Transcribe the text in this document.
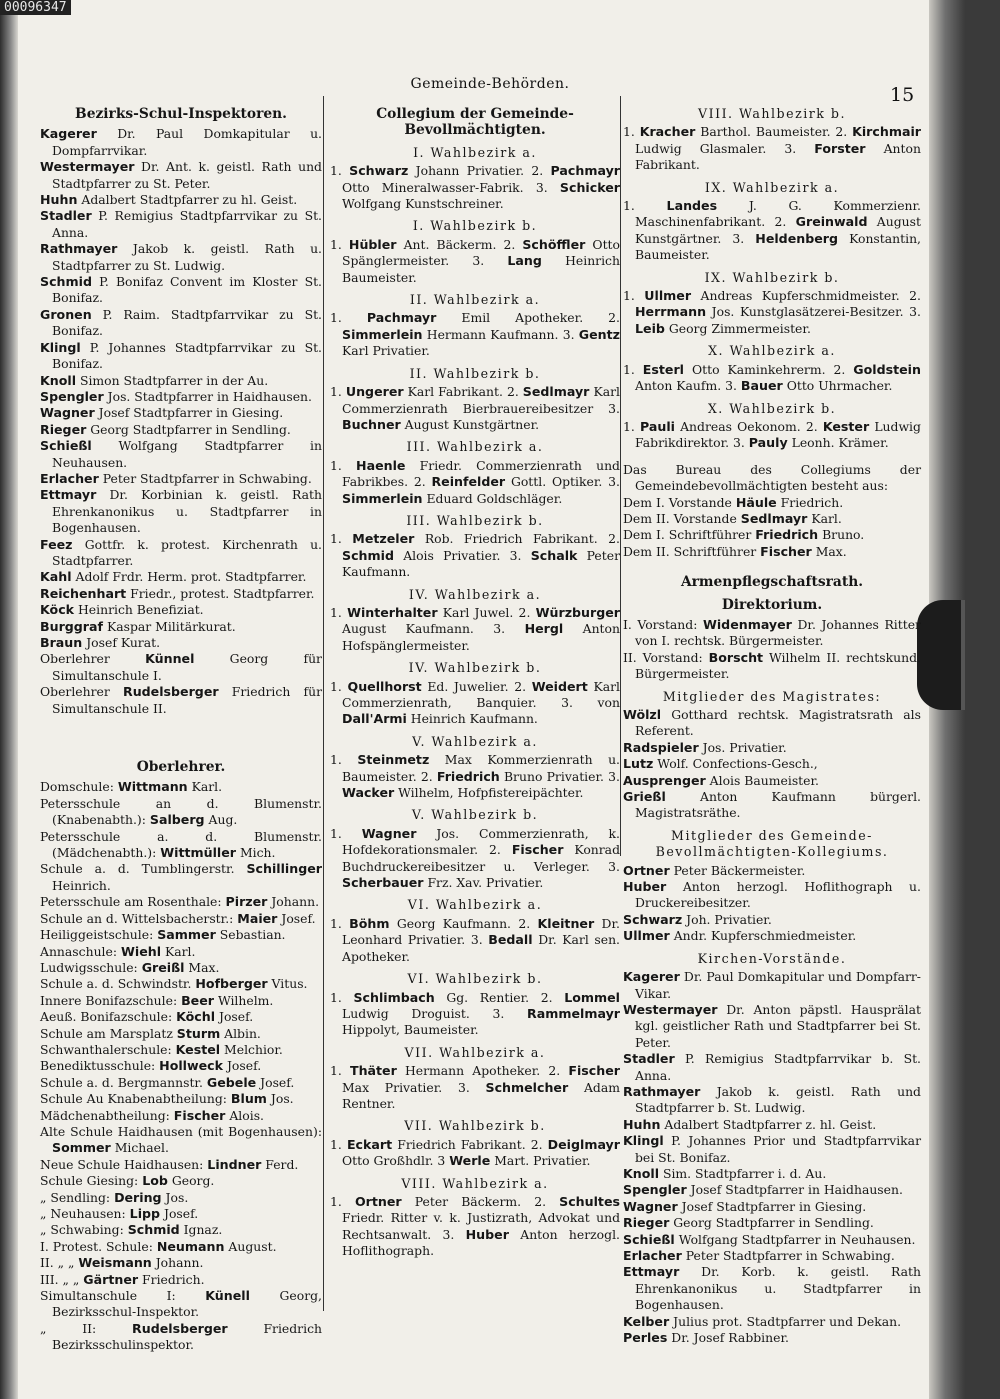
00096347
Gemeinde-Behörden.	15
Bezirks-Schul-Inspektoren.

Kagerer Dr. Paul Domkapitular u. Dompfarrvikar.

Westermayer Dr. Ant. k. geistl. Rath und Stadtpfarrer zu St. Peter.

Huhn Adalbert Stadtpfarrer zu hl. Geist.

Stadler P. Remigius Stadtpfarrvikar zu St. Anna.

Rathmayer Jakob k. geistl. Rath u. Stadtpfarrer zu St. Ludwig.

Schmid P. Bonifaz Convent im Kloster St. Bonifaz.

Gronen P. Raim. Stadtpfarrvikar zu St. Bonifaz.

Klingl P. Johannes Stadtpfarrvikar zu St. Bonifaz.

Knoll Simon Stadtpfarrer in der Au.

Spengler Jos. Stadtpfarrer in Haidhausen.

Wagner Josef Stadtpfarrer in Giesing.

Rieger Georg Stadtpfarrer in Sendling.

Schießl Wolfgang Stadtpfarrer in Neuhausen.

Erlacher Peter Stadtpfarrer in Schwabing.

Ettmayr Dr. Korbinian k. geistl. Rath Ehrenkanonikus u. Stadtpfarrer in Bogenhausen.

Feez Gottfr. k. protest. Kirchenrath u. Stadtpfarrer.

Kahl Adolf Frdr. Herm. prot. Stadtpfarrer.

Reichenhart Friedr., protest. Stadtpfarrer.

Köck Heinrich Benefiziat.

Burggraf Kaspar Militärkurat.

Braun Josef Kurat.

Oberlehrer	Künnel	Georg für Simultanschule I.

Oberlehrer Rudelsberger Friedrich für Simultanschule II.

Oberlehrer.

Domschule: Wittmann Karl.

Petersschule an d. Blumenstr. (Knabenabth.): Salberg Aug.

Petersschule a. d. Blumenstr. (Mädchenabth.): Wittmüller Mich.

Schule a. d. Tumblingerstr. Schillinger Heinrich.

Petersschule am Rosenthale: Pirzer Johann.

Schule an d. Wittelsbacherstr.: Maier Josef.

Heiliggeistschule: Sammer Sebastian.

Annaschule: Wiehl Karl.

Ludwigsschule: Greißl Max.

Schule a. d. Schwindstr. Hofberger Vitus.

Innere Bonifazschule: Beer Wilhelm.

Aeuß. Bonifazschule: Köchl Josef.

Schule am Marsplatz Sturm Albin.

Schwanthalerschule: Kestel Melchior.

Benediktusschule: Hollweck Josef.

Schule a. d. Bergmannstr. Gebele Josef.

Schule Au Knabenabtheilung: Blum Jos.

Mädchenabtheilung: Fischer Alois.

Alte Schule Haidhausen (mit Bogenhausen): Sommer Michael.

Neue Schule Haidhausen: Lindner Ferd.

Schule Giesing: Lob Georg.

„ Sendling: Dering Jos.

„ Neuhausen: Lipp Josef.

„ Schwabing: Schmid Ignaz.

I. Protest. Schule: Neumann August.

II. „ „ Weismann Johann.

III. „ „ Gärtner Friedrich.

Simultanschule I: Künell Georg, Bezirksschul-Inspektor.

„ II:	Rudelsberger	Friedrich Bezirksschulinspektor.

Collegium der Gemeinde-Bevollmächtigten.
I. Wahlbezirk a.

1. Schwarz Johann Privatier. 2. Pachmayr Otto Mineralwasser-Fabrik. 3. Schicker Wolfgang Kunstschreiner.

I. Wahlbezirk b.

1. Hübler Ant. Bäckerm. 2. Schöffler Otto Spänglermeister. 3. Lang Heinrich Baumeister.

II. Wahlbezirk a.

1. Pachmayr Emil Apotheker. 2. Simmerlein Hermann Kaufmann. 3. Gentz Karl Privatier.

II. Wahlbezirk b.

1. Ungerer Karl Fabrikant. 2. Sedlmayr Karl Commerzienrath Bierbrauereibesitzer 3. Buchner August Kunstgärtner.

III. Wahlbezirk a.

1. Haenle Friedr. Commerzienrath und Fabrikbes. 2. Reinfelder Gottl. Optiker. 3. Simmerlein Eduard Goldschläger.

III. Wahlbezirk b.

1. Metzeler Rob. Friedrich Fabrikant. 2. Schmid Alois Privatier. 3. Schalk Peter Kaufmann.

IV. Wahlbezirk a.

1. Winterhalter Karl Juwel. 2. Würzburger August Kaufmann. 3. Hergl Anton Hofspänglermeister.

IV. Wahlbezirk b.

1. Quellhorst Ed. Juwelier. 2. Weidert Karl Commerzienrath, Banquier. 3. von Dall'Armi Heinrich Kaufmann.

V. Wahlbezirk a.

1. Steinmetz Max Kommerzienrath u. Baumeister. 2. Friedrich Bruno Privatier. 3. Wacker Wilhelm, Hofpfistereipächter.

V. Wahlbezirk b.

1. Wagner Jos. Commerzienrath, k. Hofdekorationsmaler. 2. Fischer Konrad Buchdruckereibesitzer u. Verleger. 3. Scherbauer Frz. Xav. Privatier.

VI. Wahlbezirk a.

1. Böhm Georg Kaufmann. 2. Kleitner Dr. Leonhard Privatier. 3. Bedall Dr. Karl sen. Apotheker.

VI. Wahlbezirk b.

1. Schlimbach Gg. Rentier. 2. Lommel Ludwig Droguist. 3. Rammelmayr Hippolyt, Baumeister.

VII. Wahlbezirk a.

1. Thäter Hermann Apotheker. 2. Fischer Max Privatier. 3. Schmelcher Adam Rentner.

VII. Wahlbezirk b.

1. Eckart Friedrich Fabrikant. 2. Deiglmayr Otto Großhdlr. 3 Werle Mart. Privatier.

VIII. Wahlbezirk a.

1. Ortner Peter Bäckerm. 2. Schultes Friedr. Ritter v. k. Justizrath, Advokat und Rechtsanwalt. 3. Huber Anton herzogl. Hoflithograph.

VIII. Wahlbezirk b.

1. Kracher Barthol. Baumeister. 2. Kirchmair Ludwig Glasmaler. 3. Forster Anton Fabrikant.

IX. Wahlbezirk a.

1.	Landes	J. G. Kommerzienr. Maschinenfabrikant. 2. Greinwald August Kunstgärtner. 3. Heldenberg Konstantin, Baumeister.

IX. Wahlbezirk b.

1. Ullmer Andreas Kupferschmidmeister. 2. Herrmann Jos. Kunstglasätzerei-Besitzer. 3. Leib Georg Zimmermeister.

X. Wahlbezirk a.

1. Esterl Otto Kaminkehrerm. 2. Goldstein Anton Kaufm. 3. Bauer Otto Uhrmacher.

X. Wahlbezirk b.

1. Pauli Andreas Oekonom. 2. Kester Ludwig Fabrikdirektor. 3. Pauly Leonh. Krämer.

Das Bureau des Collegiums der Gemeindebevollmächtigten besteht aus:

Dem I. Vorstande Häule Friedrich.

Dem II. Vorstande Sedlmayr Karl.

Dem I. Schriftführer Friedrich Bruno.

Dem II. Schriftführer Fischer Max.

Armenpflegschaftsrath.
Direktorium.

I. Vorstand: Widenmayer Dr. Johannes Ritter von I. rechtsk. Bürgermeister.

II. Vorstand: Borscht Wilhelm II. rechtskund. Bürgermeister.

Mitglieder des Magistrates:

Wölzl Gotthard rechtsk. Magistratsrath als Referent.

Radspieler Jos. Privatier.

Lutz Wolf. Confections-Gesch.,

Ausprenger Alois Baumeister.

Grießl	Anton Kaufmann bürgerl. Magistratsräthe.

Mitglieder des Gemeinde-Bevollmächtigten-Kollegiums.

Ortner Peter Bäckermeister.

Huber Anton herzogl. Hoflithograph u. Druckereibesitzer.

Schwarz Joh. Privatier.

Ullmer Andr. Kupferschmiedmeister.

Kirchen-Vorstände.

Kagerer Dr. Paul Domkapitular und Dompfarr-Vikar.

Westermayer Dr. Anton päpstl. Hausprälat kgl. geistlicher Rath und Stadtpfarrer bei St. Peter.

Stadler P. Remigius Stadtpfarrvikar b. St. Anna.

Rathmayer Jakob k. geistl. Rath und Stadtpfarrer b. St. Ludwig.

Huhn Adalbert Stadtpfarrer z. hl. Geist.

Klingl P. Johannes Prior und Stadtpfarrvikar bei St. Bonifaz.

Knoll Sim. Stadtpfarrer i. d. Au.

Spengler Josef Stadtpfarrer in Haidhausen.

Wagner Josef Stadtpfarrer in Giesing.

Rieger Georg Stadtpfarrer in Sendling.

Schießl Wolfgang Stadtpfarrer in Neuhausen.

Erlacher Peter Stadtpfarrer in Schwabing.

Ettmayr Dr. Korb. k. geistl. Rath Ehrenkanonikus u. Stadtpfarrer in Bogenhausen.

Kelber Julius prot. Stadtpfarrer und Dekan.

Perles Dr. Josef Rabbiner.
